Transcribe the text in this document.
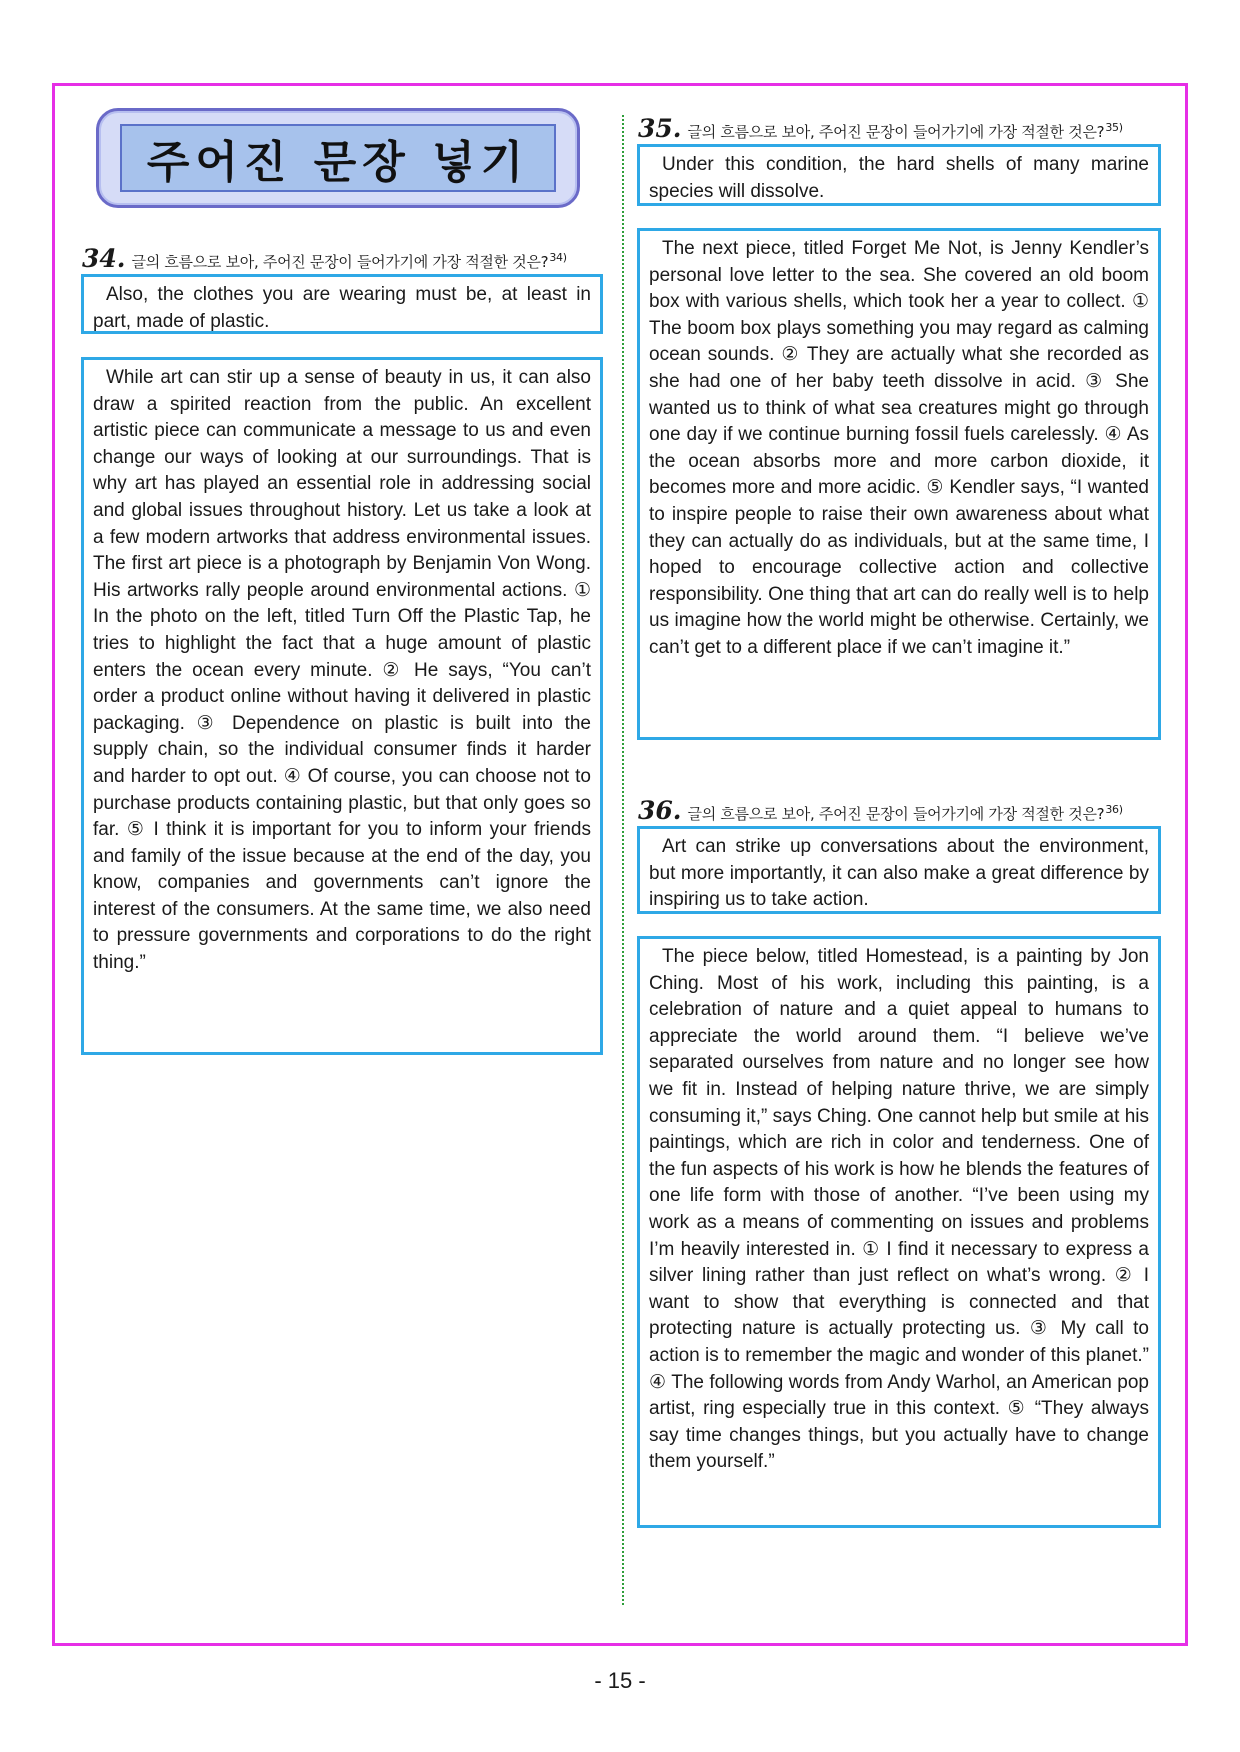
주어진 문장 넣기
34. 글의 흐름으로 보아, 주어진 문장이 들어가기에 가장 적절한 것은?$^{34)}$

Also, the clothes you are wearing must be, at least in part, made of plastic.

While art can stir up a sense of beauty in us, it can also draw a spirited reaction from the public. An excellent artistic piece can communicate a message to us and even change our ways of looking at our surroundings. That is why art has played an essential role in addressing social and global issues throughout history. Let us take a look at a few modern artworks that address environmental issues. The first art piece is a photograph by Benjamin Von Wong. His artworks rally people around environmental actions. ① In the photo on the left, titled Turn Off the Plastic Tap, he tries to highlight the fact that a huge amount of plastic enters the ocean every minute. ② He says, “You can’t order a product online without having it delivered in plastic packaging. ③ Dependence on plastic is built into the supply chain, so the individual consumer finds it harder and harder to opt out. ④ Of course, you can choose not to purchase products containing plastic, but that only goes so far. ⑤ I think it is important for you to inform your friends and family of the issue because at the end of the day, you know, companies and governments can’t ignore the interest of the consumers. At the same time, we also need to pressure governments and corporations to do the right thing.”

35. 글의 흐름으로 보아, 주어진 문장이 들어가기에 가장 적절한 것은?$^{35)}$

Under this condition, the hard shells of many marine species will dissolve.

The next piece, titled Forget Me Not, is Jenny Kendler’s personal love letter to the sea. She covered an old boom box with various shells, which took her a year to collect. ① The boom box plays something you may regard as calming ocean sounds. ② They are actually what she recorded as she had one of her baby teeth dissolve in acid. ③ She wanted us to think of what sea creatures might go through one day if we continue burning fossil fuels carelessly. ④ As the ocean absorbs more and more carbon dioxide, it becomes more and more acidic. ⑤ Kendler says, “I wanted to inspire people to raise their own awareness about what they can actually do as individuals, but at the same time, I hoped to encourage collective action and collective responsibility. One thing that art can do really well is to help us imagine how the world might be otherwise. Certainly, we can’t get to a different place if we can’t imagine it.”

36. 글의 흐름으로 보아, 주어진 문장이 들어가기에 가장 적절한 것은?$^{36)}$

Art can strike up conversations about the environment, but more importantly, it can also make a great difference by inspiring us to take action.

The piece below, titled Homestead, is a painting by Jon Ching. Most of his work, including this painting, is a celebration of nature and a quiet appeal to humans to appreciate the world around them. “I believe we’ve separated ourselves from nature and no longer see how we fit in. Instead of helping nature thrive, we are simply consuming it,” says Ching. One cannot help but smile at his paintings, which are rich in color and tenderness. One of the fun aspects of his work is how he blends the features of one life form with those of another. “I’ve been using my work as a means of commenting on issues and problems I’m heavily interested in. ① I find it necessary to express a silver lining rather than just reflect on what’s wrong. ② I want to show that everything is connected and that protecting nature is actually protecting us. ③ My call to action is to remember the magic and wonder of this planet.” ④ The following words from Andy Warhol, an American pop artist, ring especially true in this context. ⑤ “They always say time changes things, but you actually have to change them yourself.”

- 15 -
